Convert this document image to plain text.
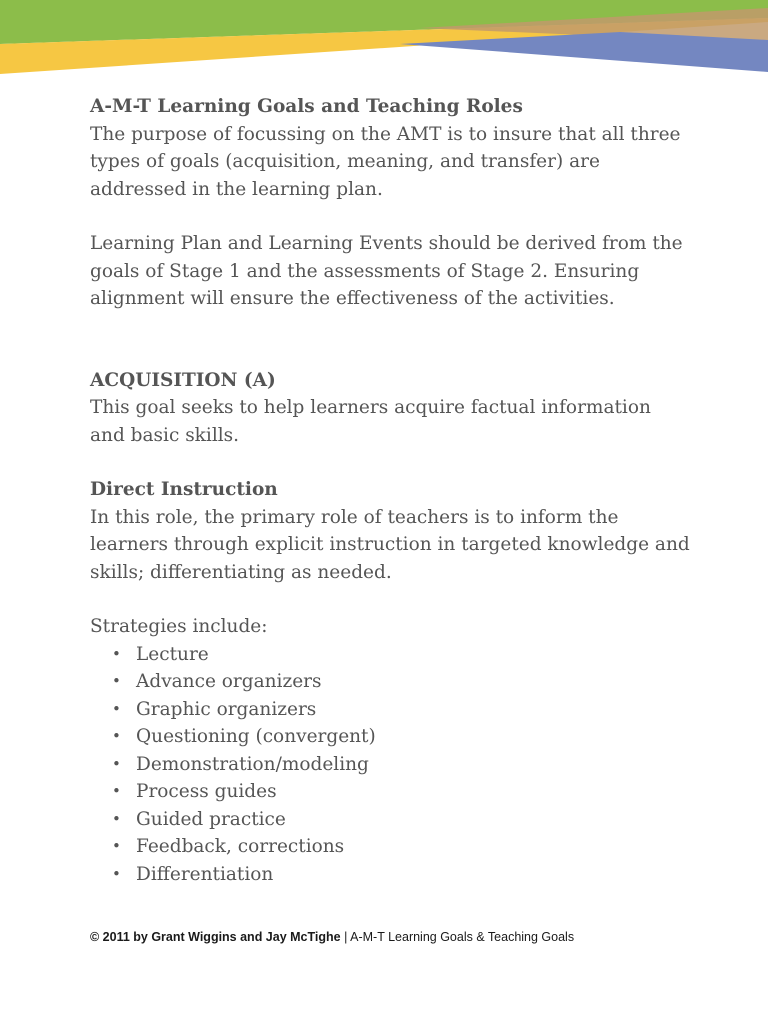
A-M-T Learning Goals and Teaching Roles

The purpose of focussing on the AMT is to insure that all three types of goals (acquisition, meaning, and transfer) are addressed in the learning plan.

Learning Plan and Learning Events should be derived from the goals of Stage 1 and the assessments of Stage 2. Ensuring alignment will ensure the effectiveness of the activities.

ACQUISITION (A)

This goal seeks to help learners acquire factual information and basic skills.

Direct Instruction

In this role, the primary role of teachers is to inform the learners through explicit instruction in targeted knowledge and skills; differentiating as needed.

Strategies include:

• Lecture
• Advance organizers
• Graphic organizers
• Questioning (convergent)
• Demonstration/modeling
• Process guides
• Guided practice
• Feedback, corrections
• Differentiation
© 2011 by Grant Wiggins and Jay McTighe | A-M-T Learning Goals & Teaching Goals
